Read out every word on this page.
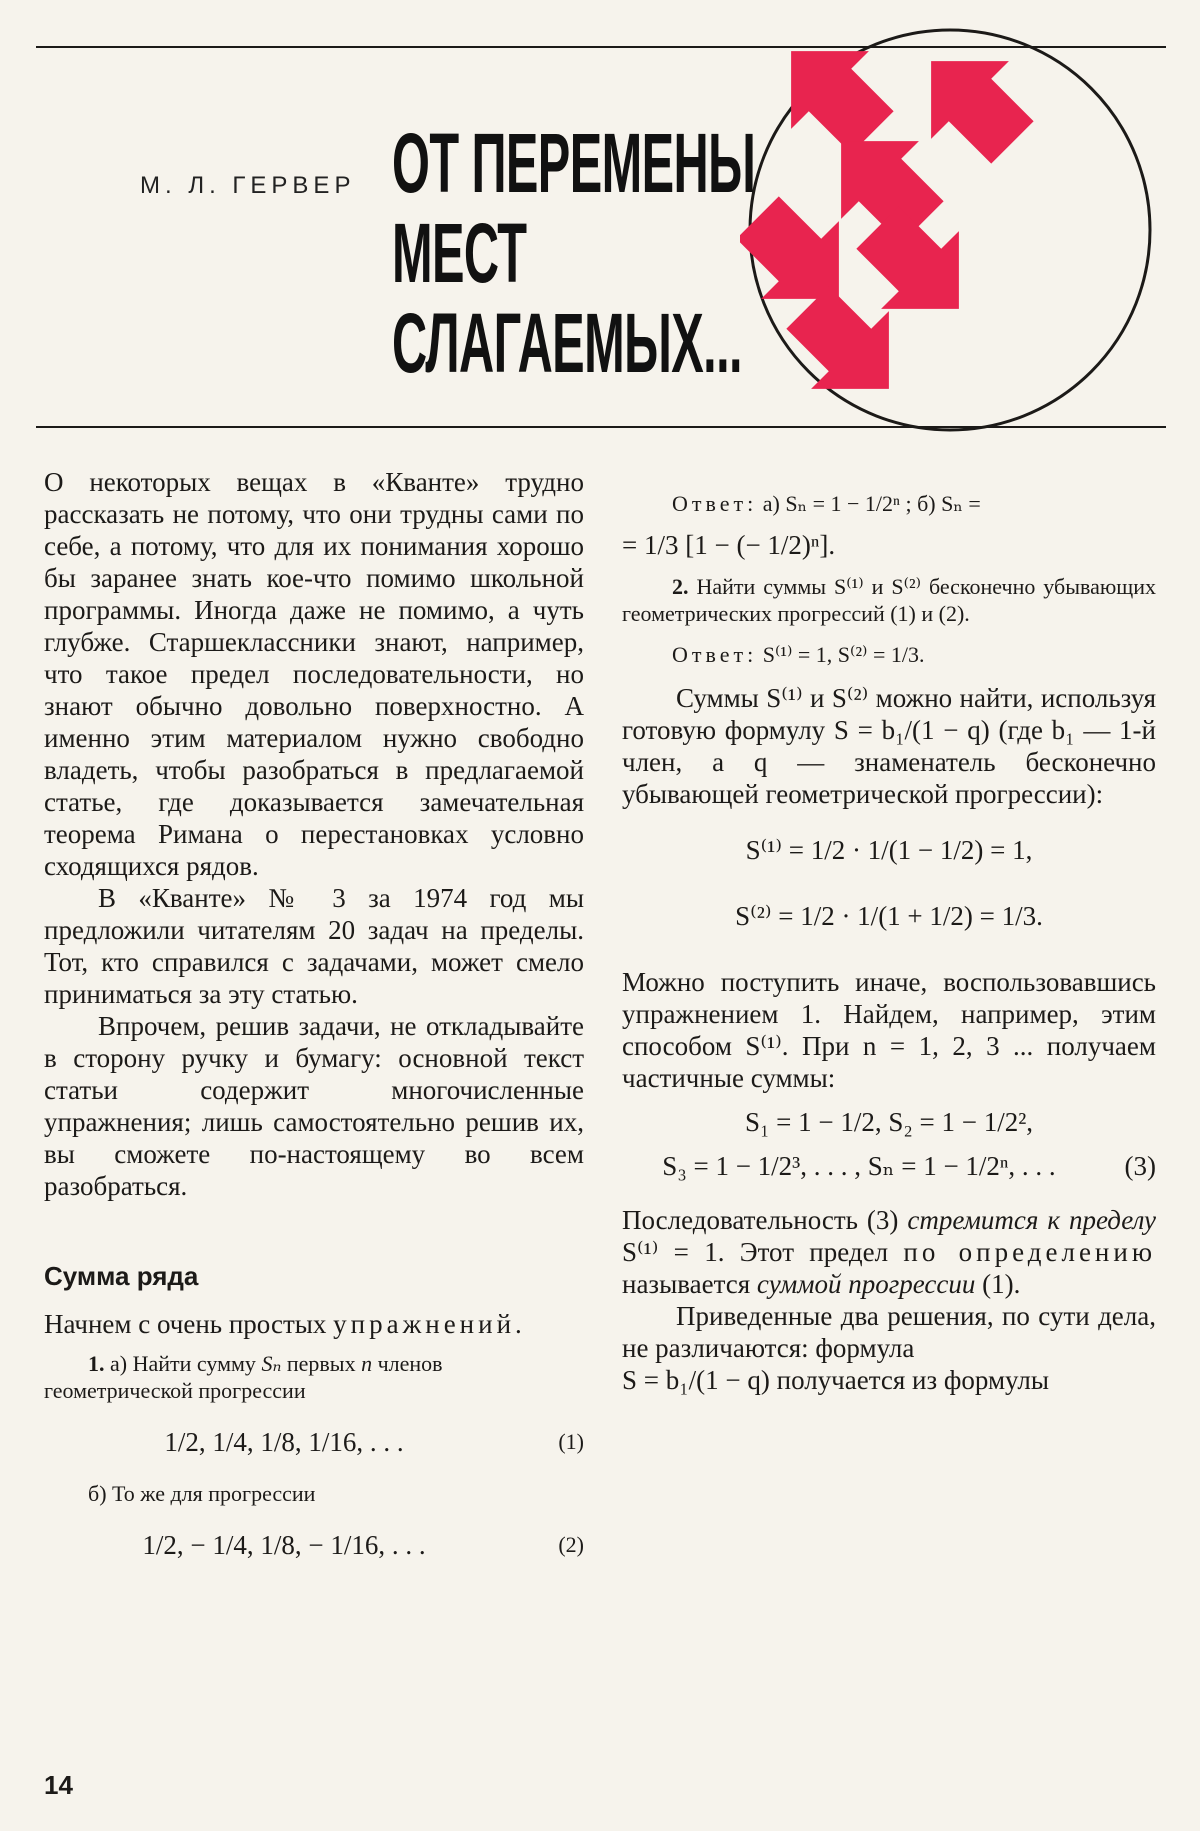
М. Л. ГЕРВЕР ОТ ПЕРЕМЕНЫ
МЕСТ
СЛАГАЕМЫХ...

О некоторых вещах в «Кванте» трудно рассказать не потому, что они трудны сами по себе, а потому, что для их понимания хорошо бы заранее знать кое-что помимо школьной программы. Иногда даже не помимо, а чуть глубже. Старшеклассники знают, например, что такое предел последовательности, но знают обычно довольно поверхностно. А именно этим материалом нужно свободно владеть, чтобы разобраться в предлагаемой статье, где доказывается замечательная теорема Римана о перестановках условно сходящихся рядов.

В «Кванте» № 3 за 1974 год мы предложили читателям 20 задач на пределы. Тот, кто справился с задачами, может смело приниматься за эту статью.

Впрочем, решив задачи, не откладывайте в сторону ручку и бумагу: основной текст статьи содержит многочисленные упражнения; лишь самостоятельно решив их, вы сможете по-настоящему во всем разобраться.

Сумма ряда

Начнем с очень простых упражнений.

1. а) Найти сумму Sₙ первых n членов геометрической прогрессии

1/2, 1/4, 1/8, 1/16, . . .	(1)

б) То же для прогрессии

1/2, − 1/4, 1/8, − 1/16, . . .	(2)

Ответ: а) Sₙ = 1 − 1/2ⁿ ; б) Sₙ =

= 1/3 [1 − (− 1/2)ⁿ].

2. Найти суммы S⁽¹⁾ и S⁽²⁾ бесконечно убывающих геометрических прогрессий (1) и (2).

Ответ: S⁽¹⁾ = 1, S⁽²⁾ = 1/3.

Суммы S⁽¹⁾ и S⁽²⁾ можно найти, используя готовую формулу S = b₁/(1 − q) (где b₁ — 1-й член, а q — знаменатель бесконечно убывающей геометрической прогрессии):

S⁽¹⁾ = 1/2 · 1/(1 − 1/2) = 1,

S⁽²⁾ = 1/2 · 1/(1 + 1/2) = 1/3.

Можно поступить иначе, воспользовавшись упражнением 1. Найдем, например, этим способом S⁽¹⁾. При n = 1, 2, 3 ... получаем частичные суммы:

S₁ = 1 − 1/2, S₂ = 1 − 1/2²,

S₃ = 1 − 1/2³, . . . , Sₙ = 1 − 1/2ⁿ, . . .	(3)

Последовательность (3) стремится к пределу S⁽¹⁾ = 1. Этот предел по определению называется суммой прогрессии (1).

Приведенные два решения, по сути дела, не различаются: формула

S = b₁/(1 − q) получается из формулы

14
